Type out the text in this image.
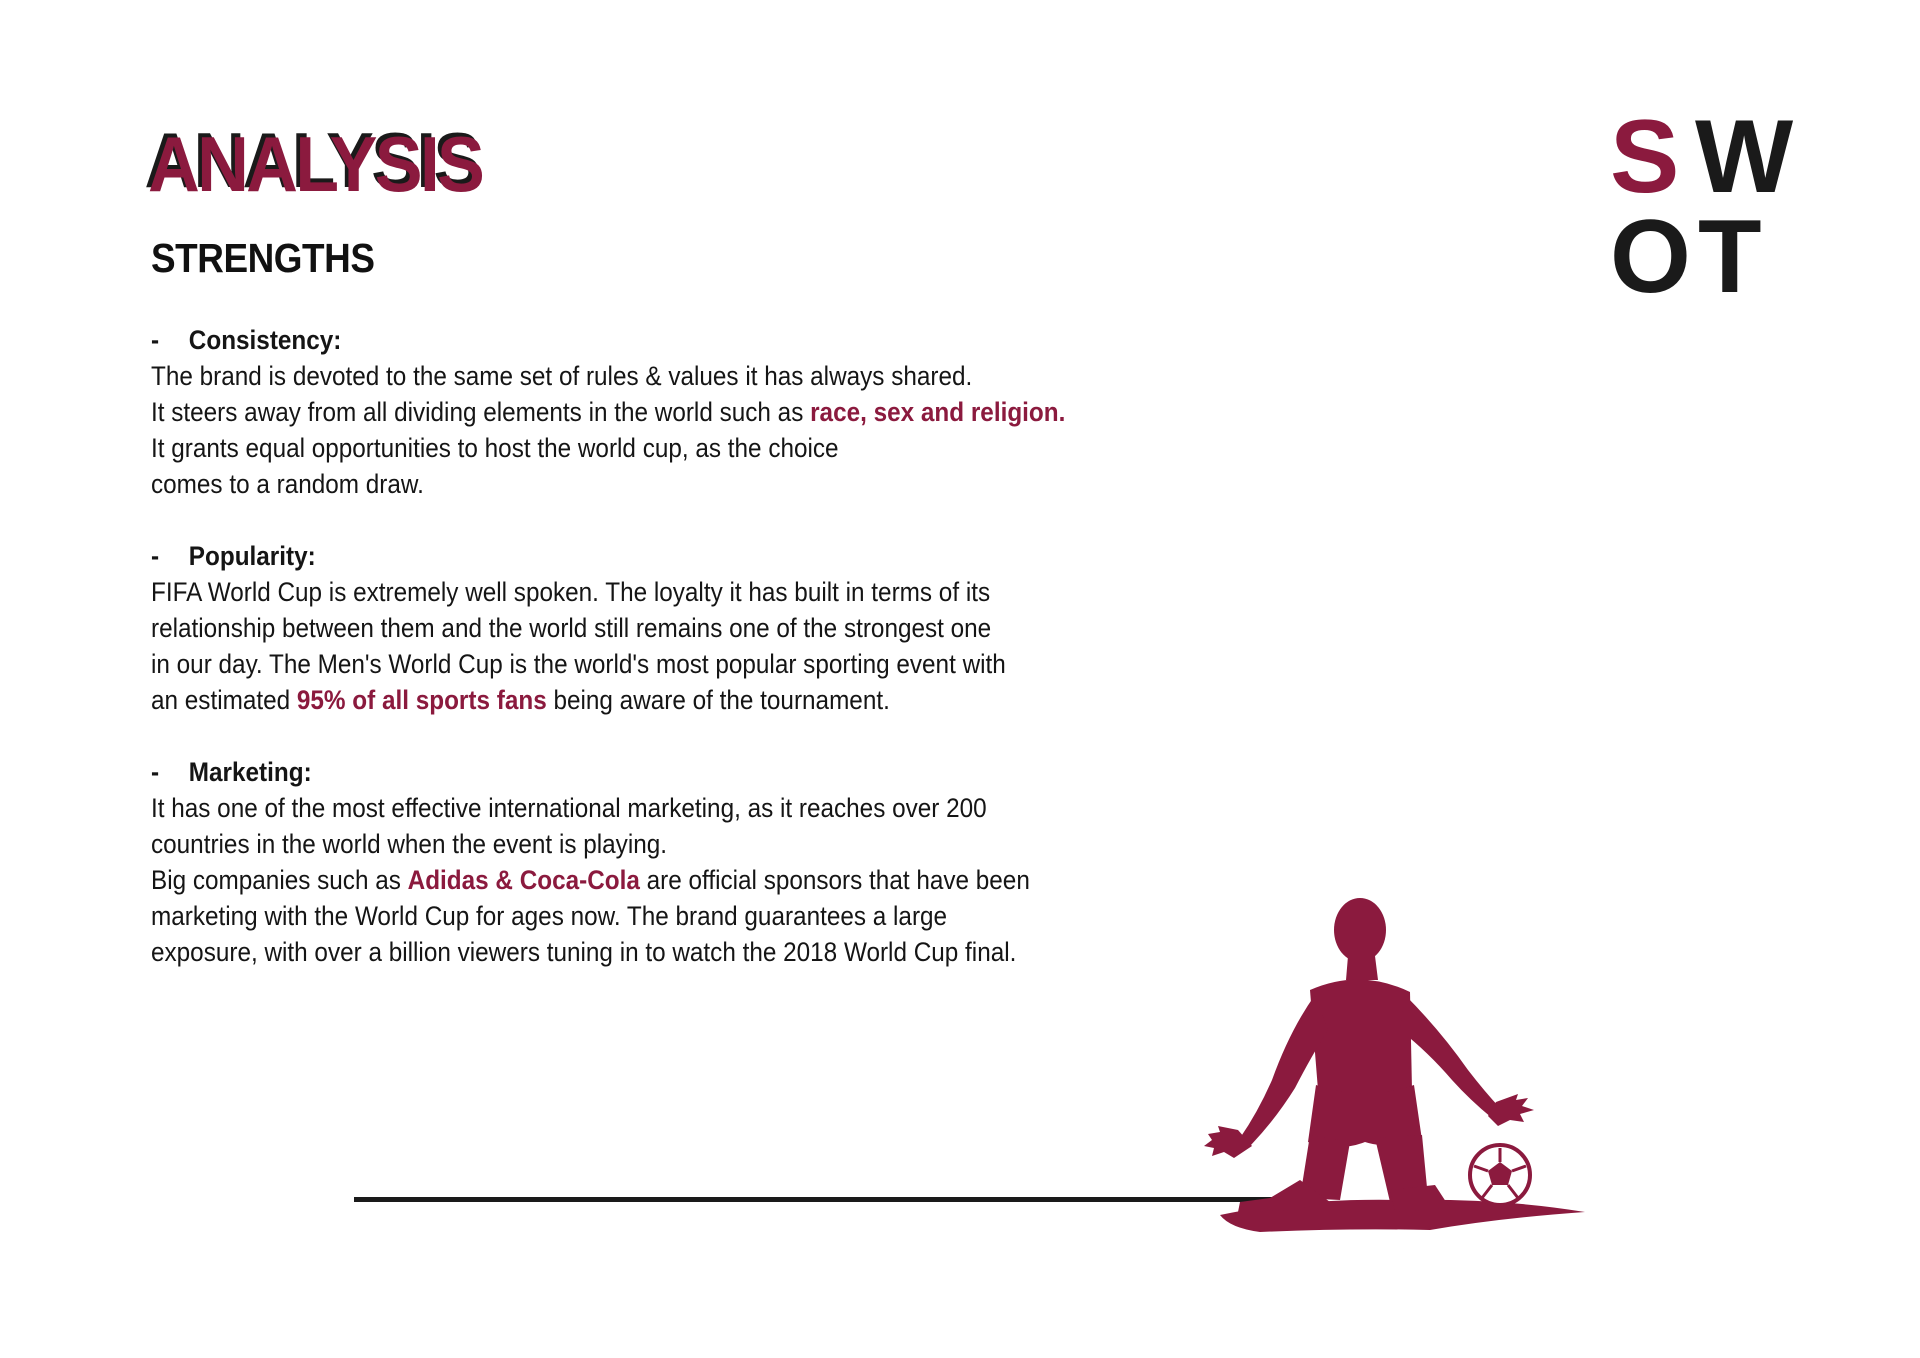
ANALYSIS
STRENGTHS
S W
O T
- Consistency:
The brand is devoted to the same set of rules & values it has always shared.
It steers away from all dividing elements in the world such as race, sex and religion.
It grants equal opportunities to host the world cup, as the choice
comes to a random draw.
- Popularity:
FIFA World Cup is extremely well spoken. The loyalty it has built in terms of its
relationship between them and the world still remains one of the strongest one
in our day. The Men's World Cup is the world's most popular sporting event with
an estimated 95% of all sports fans being aware of the tournament.
- Marketing:
It has one of the most effective international marketing, as it reaches over 200
countries in the world when the event is playing.
Big companies such as Adidas & Coca-Cola are official sponsors that have been
marketing with the World Cup for ages now. The brand guarantees a large
exposure, with over a billion viewers tuning in to watch the 2018 World Cup final.
